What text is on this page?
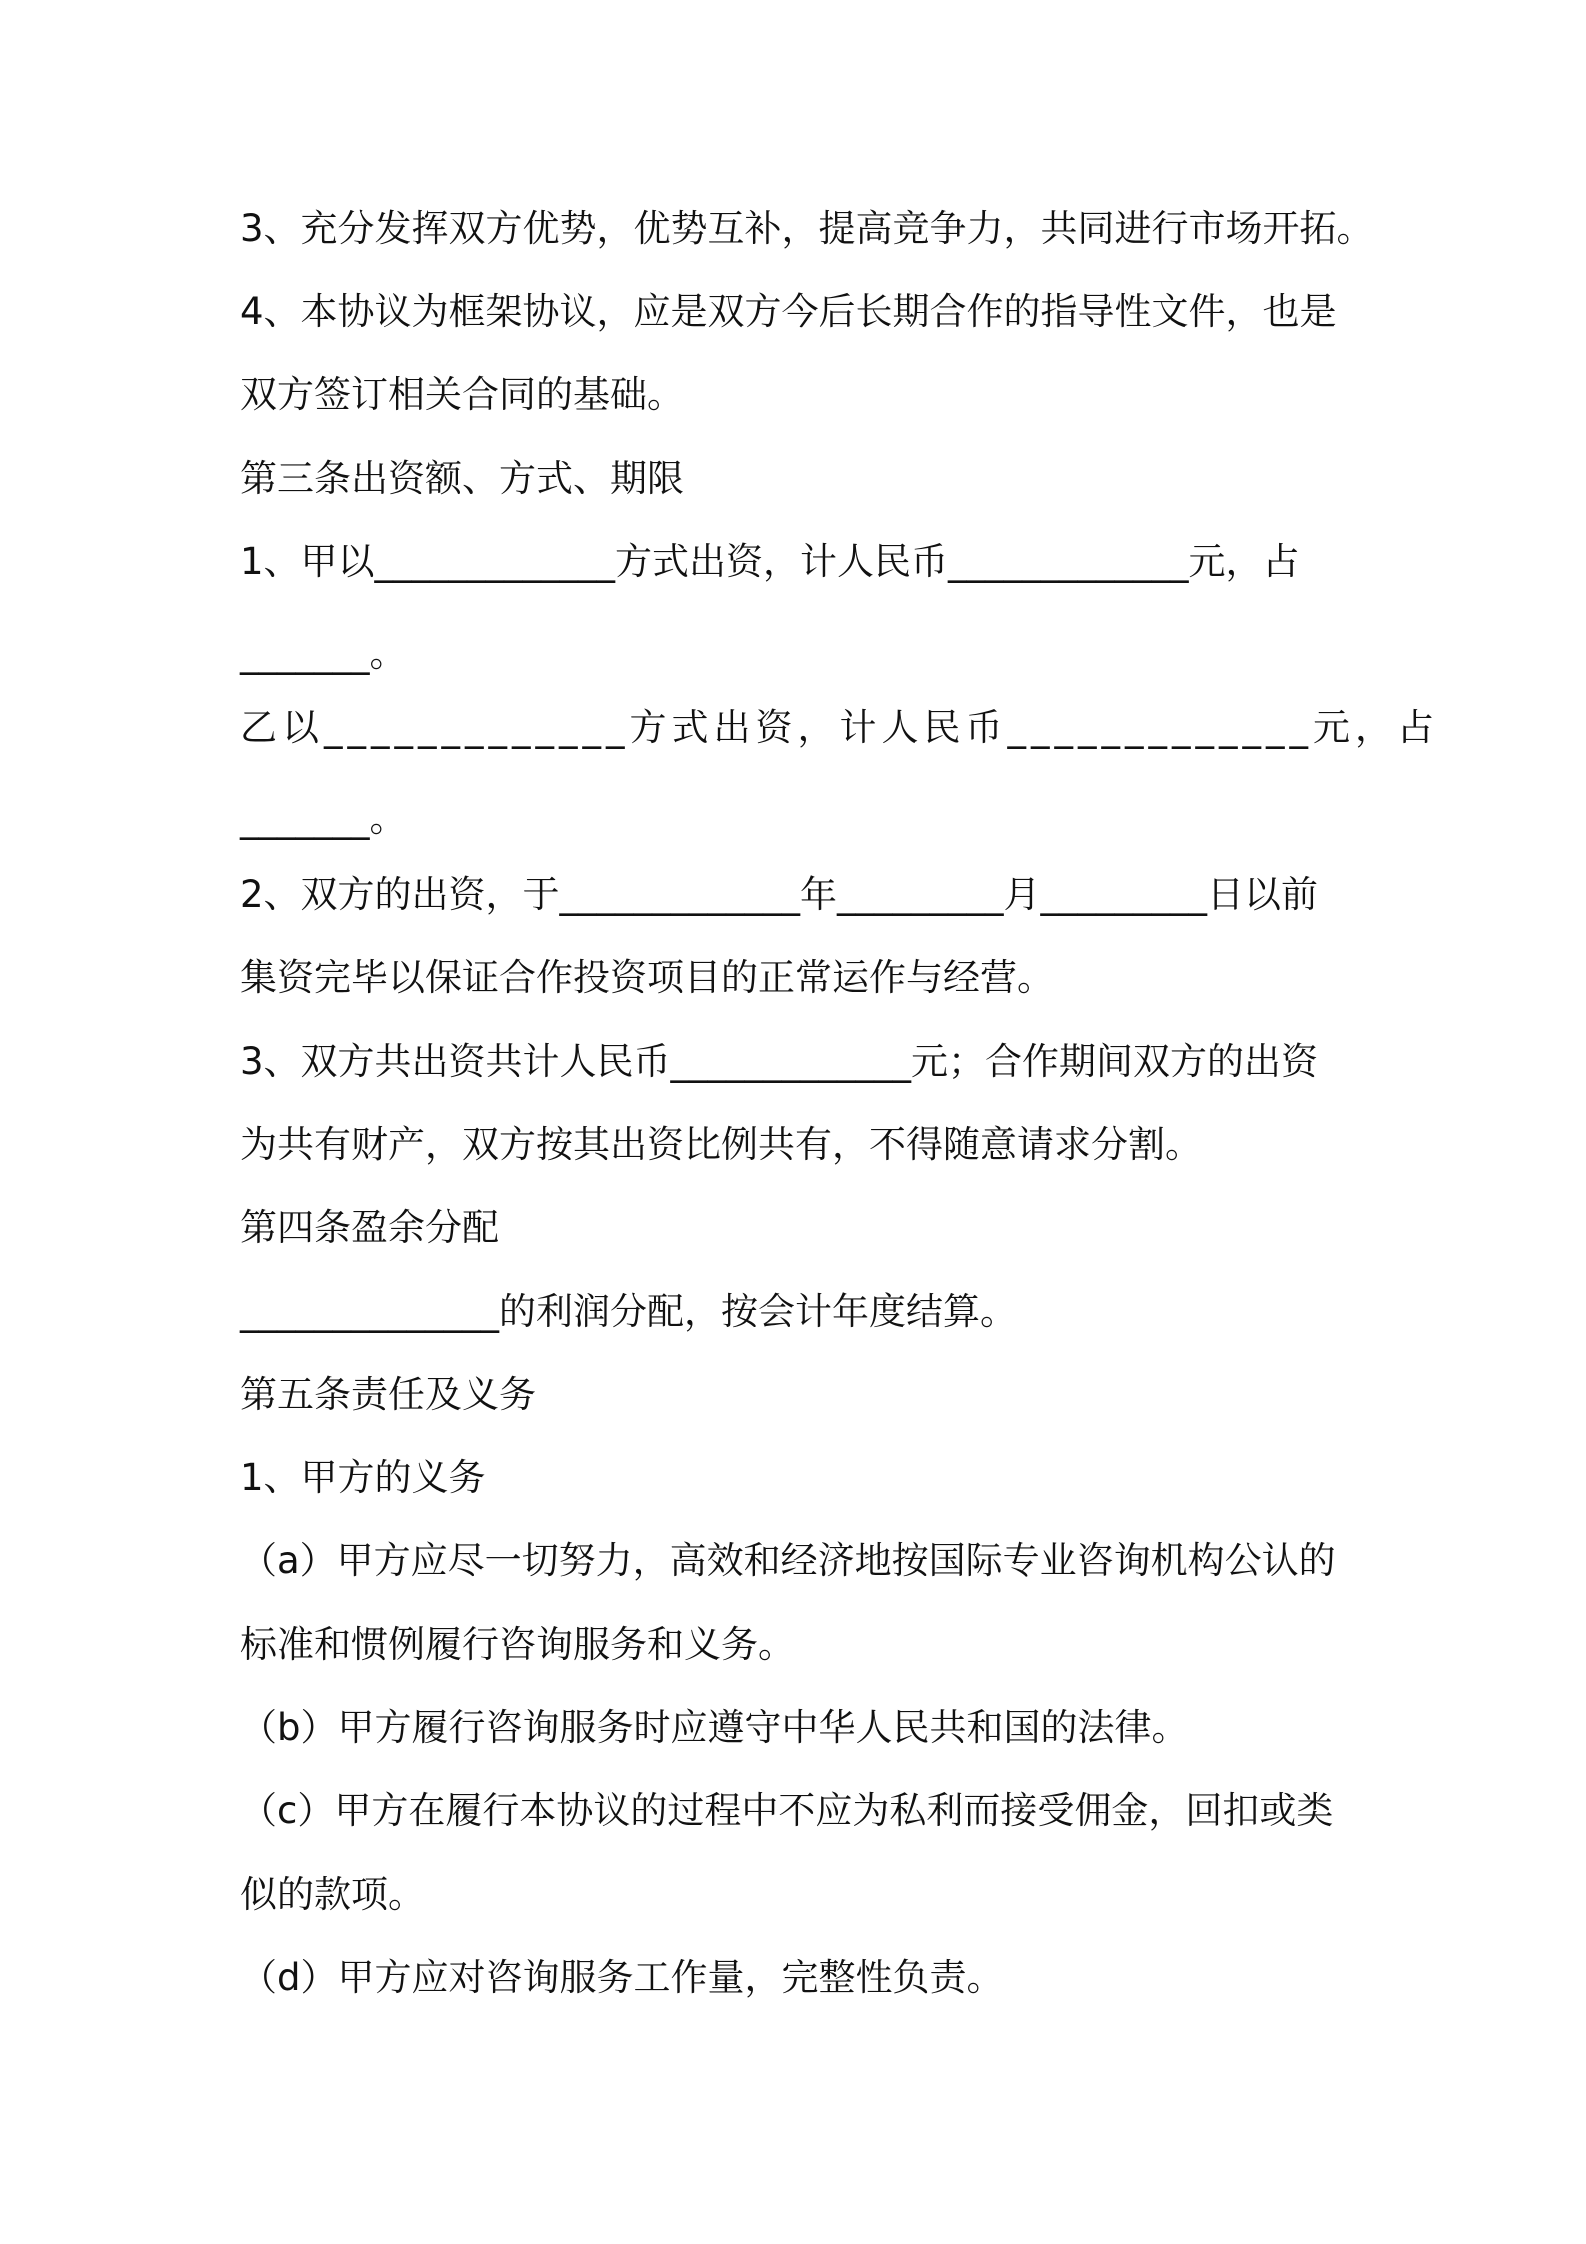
3、充分发挥双方优势，优势互补，提高竞争力，共同进行市场开拓。
4、本协议为框架协议，应是双方今后长期合作的指导性文件，也是
双方签订相关合同的基础。
第三条出资额、方式、期限
1、甲以_____________方式出资，计人民币_____________元，占
_______。
乙以_____________方式出资，计人民币_____________元，占
_______。
2、双方的出资，于_____________年_________月_________日以前
集资完毕以保证合作投资项目的正常运作与经营。
3、双方共出资共计人民币_____________元；合作期间双方的出资
为共有财产，双方按其出资比例共有，不得随意请求分割。
第四条盈余分配
______________的利润分配，按会计年度结算。
第五条责任及义务
1、甲方的义务
（a）甲方应尽一切努力，高效和经济地按国际专业咨询机构公认的
标准和惯例履行咨询服务和义务。
（b）甲方履行咨询服务时应遵守中华人民共和国的法律。
（c）甲方在履行本协议的过程中不应为私利而接受佣金，回扣或类
似的款项。
（d）甲方应对咨询服务工作量，完整性负责。
